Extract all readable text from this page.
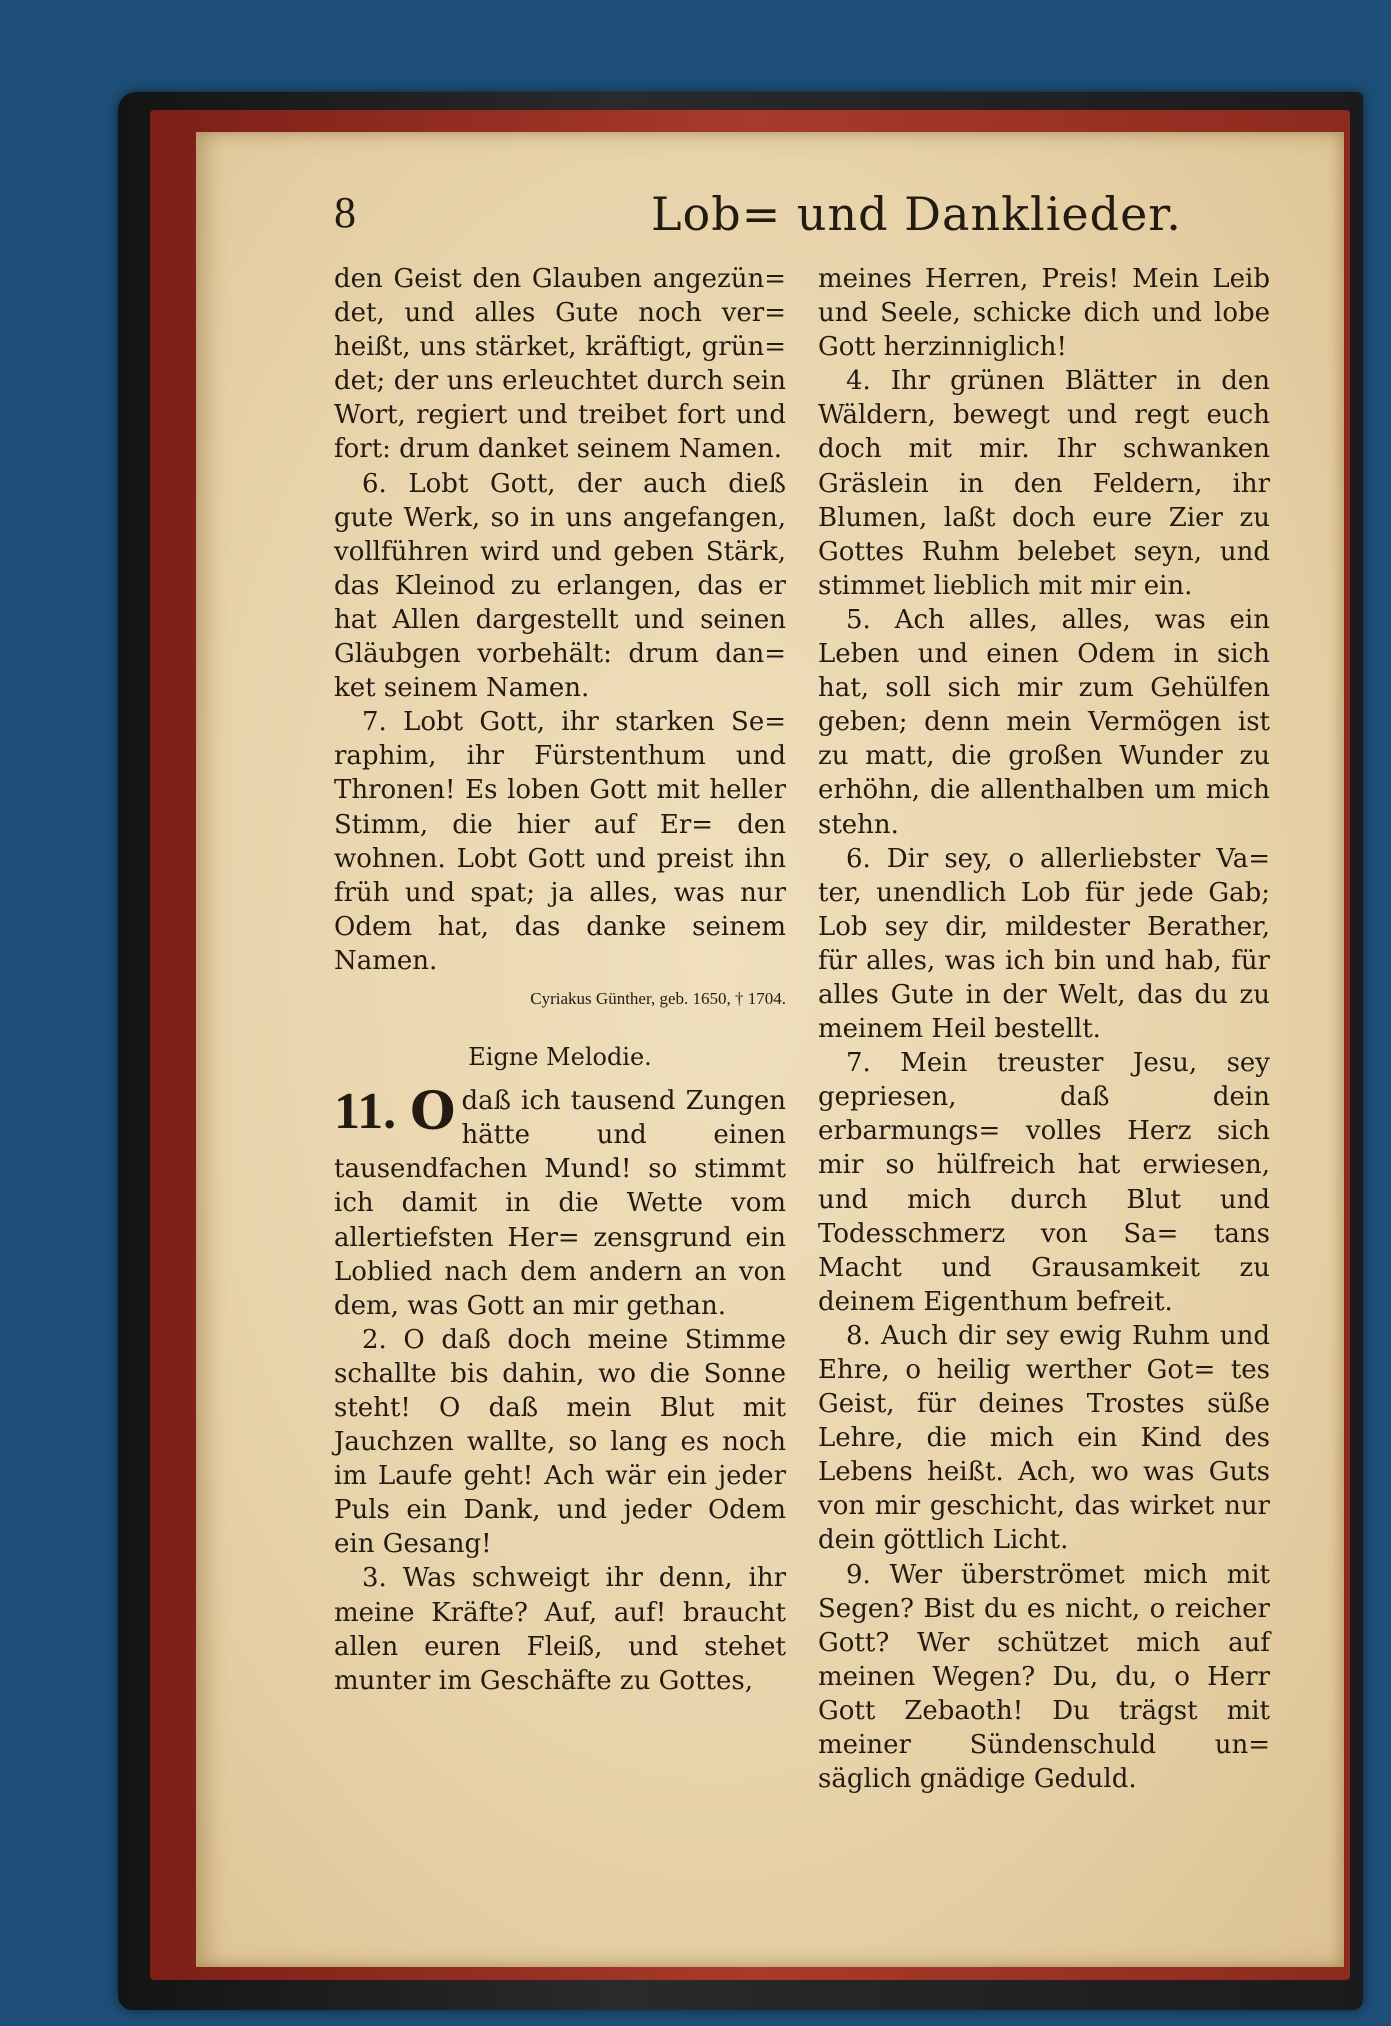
8	Lob= und Danklieder.

den Geist den Glauben angezün= det, und alles Gute noch ver= heißt, uns stärket, kräftigt, grün= det; der uns erleuchtet durch sein Wort, regiert und treibet fort und fort: drum danket seinem Namen.

6. Lobt Gott, der auch dieß gute Werk, so in uns angefangen, vollführen wird und geben Stärk, das Kleinod zu erlangen, das er hat Allen dargestellt und seinen Gläubgen vorbehält: drum dan= ket seinem Namen.

7. Lobt Gott, ihr starken Se= raphim, ihr Fürstenthum und Thronen! Es loben Gott mit heller Stimm, die hier auf Er= den wohnen. Lobt Gott und preist ihn früh und spat; ja alles, was nur Odem hat, das danke seinem Namen.

Cyriakus Günther, geb. 1650, † 1704.
Eigne Melodie.
11. O daß ich tausend Zungen hätte und einen tausendfachen Mund! so stimmt ich damit in die Wette vom allertiefsten Her= zensgrund ein Loblied nach dem andern an von dem, was Gott an mir gethan.

2. O daß doch meine Stimme schallte bis dahin, wo die Sonne steht! O daß mein Blut mit Jauchzen wallte, so lang es noch im Laufe geht! Ach wär ein jeder Puls ein Dank, und jeder Odem ein Gesang!

3. Was schweigt ihr denn, ihr meine Kräfte? Auf, auf! braucht allen euren Fleiß, und stehet munter im Geschäfte zu Gottes,

meines Herren, Preis! Mein Leib und Seele, schicke dich und lobe Gott herzinniglich!

4. Ihr grünen Blätter in den Wäldern, bewegt und regt euch doch mit mir. Ihr schwanken Gräslein in den Feldern, ihr Blumen, laßt doch eure Zier zu Gottes Ruhm belebet seyn, und stimmet lieblich mit mir ein.

5. Ach alles, alles, was ein Leben und einen Odem in sich hat, soll sich mir zum Gehülfen geben; denn mein Vermögen ist zu matt, die großen Wunder zu erhöhn, die allenthalben um mich stehn.

6. Dir sey, o allerliebster Va= ter, unendlich Lob für jede Gab; Lob sey dir, mildester Berather, für alles, was ich bin und hab, für alles Gute in der Welt, das du zu meinem Heil bestellt.

7. Mein treuster Jesu, sey gepriesen, daß dein erbarmungs= volles Herz sich mir so hülfreich hat erwiesen, und mich durch Blut und Todesschmerz von Sa= tans Macht und Grausamkeit zu deinem Eigenthum befreit.

8. Auch dir sey ewig Ruhm und Ehre, o heilig werther Got= tes Geist, für deines Trostes süße Lehre, die mich ein Kind des Lebens heißt. Ach, wo was Guts von mir geschicht, das wirket nur dein göttlich Licht.

9. Wer überströmet mich mit Segen? Bist du es nicht, o reicher Gott? Wer schützet mich auf meinen Wegen? Du, du, o Herr Gott Zebaoth! Du trägst mit meiner Sündenschuld un= säglich gnädige Geduld.
